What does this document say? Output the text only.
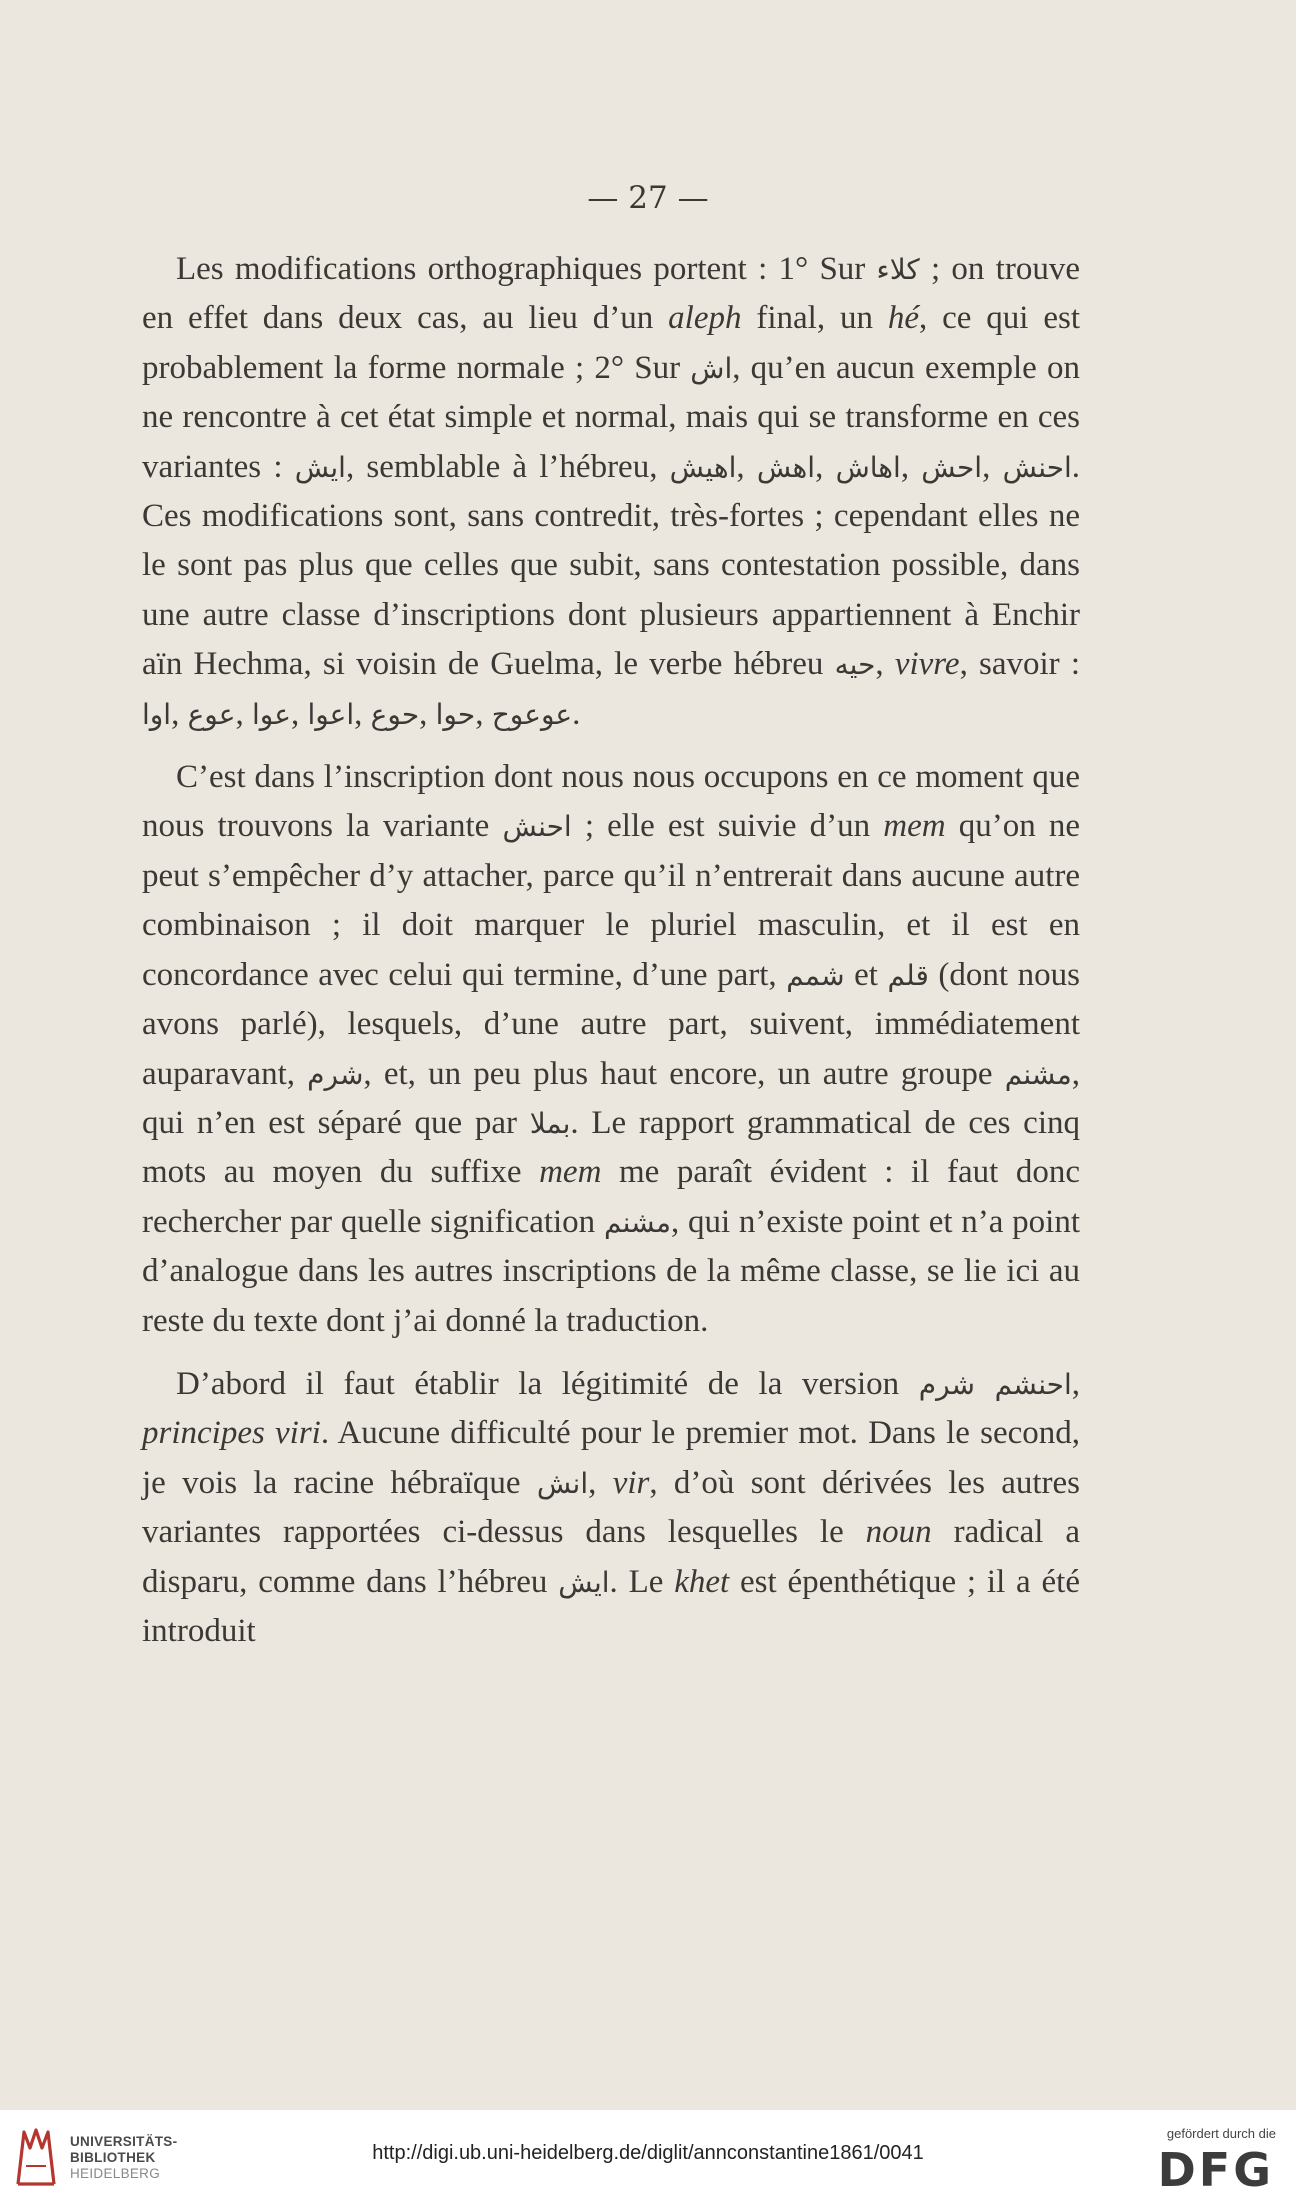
— 27 —

Les modifications orthographiques portent : 1° Sur كلاء ; on trouve en effet dans deux cas, au lieu d’un aleph final, un hé, ce qui est probablement la forme normale ; 2° Sur اش, qu’en aucun exemple on ne rencontre à cet état simple et normal, mais qui se transforme en ces variantes : ايش, semblable à l’hébreu, اهيش, اهش, اهاش, احش, احنش. Ces modifications sont, sans contredit, très-fortes ; cependant elles ne le sont pas plus que celles que subit, sans contestation possible, dans une autre classe d’inscriptions dont plusieurs appartiennent à Enchir aïn Hechma, si voisin de Guelma, le verbe hébreu حيه, vivre, savoir : اوا, عوع, عوا, اعوا, حوع, حوا, عوعوح.

C’est dans l’inscription dont nous nous occupons en ce moment que nous trouvons la variante احنش ; elle est suivie d’un mem qu’on ne peut s’empêcher d’y attacher, parce qu’il n’entrerait dans aucune autre combinaison ; il doit marquer le pluriel masculin, et il est en concordance avec celui qui termine, d’une part, شمم et قلم (dont nous avons parlé), lesquels, d’une autre part, suivent, immédiatement auparavant, شرم, et, un peu plus haut encore, un autre groupe مشنم, qui n’en est séparé que par بملا. Le rapport grammatical de ces cinq mots au moyen du suffixe mem me paraît évident : il faut donc rechercher par quelle signification مشنم, qui n’existe point et n’a point d’analogue dans les autres inscriptions de la même classe, se lie ici au reste du texte dont j’ai donné la traduction.

D’abord il faut établir la légitimité de la version شرم احنشم, principes viri. Aucune difficulté pour le premier mot. Dans le second, je vois la racine hébraïque انش, vir, d’où sont dérivées les autres variantes rapportées ci-dessus dans lesquelles le noun radical a disparu, comme dans l’hébreu ايش. Le khet est épenthétique ; il a été introduit

UNIVERSITÄTS-
BIBLIOTHEK
HEIDELBERG
http://digi.ub.uni-heidelberg.de/diglit/annconstantine1861/0041
gefördert durch die
DFG
